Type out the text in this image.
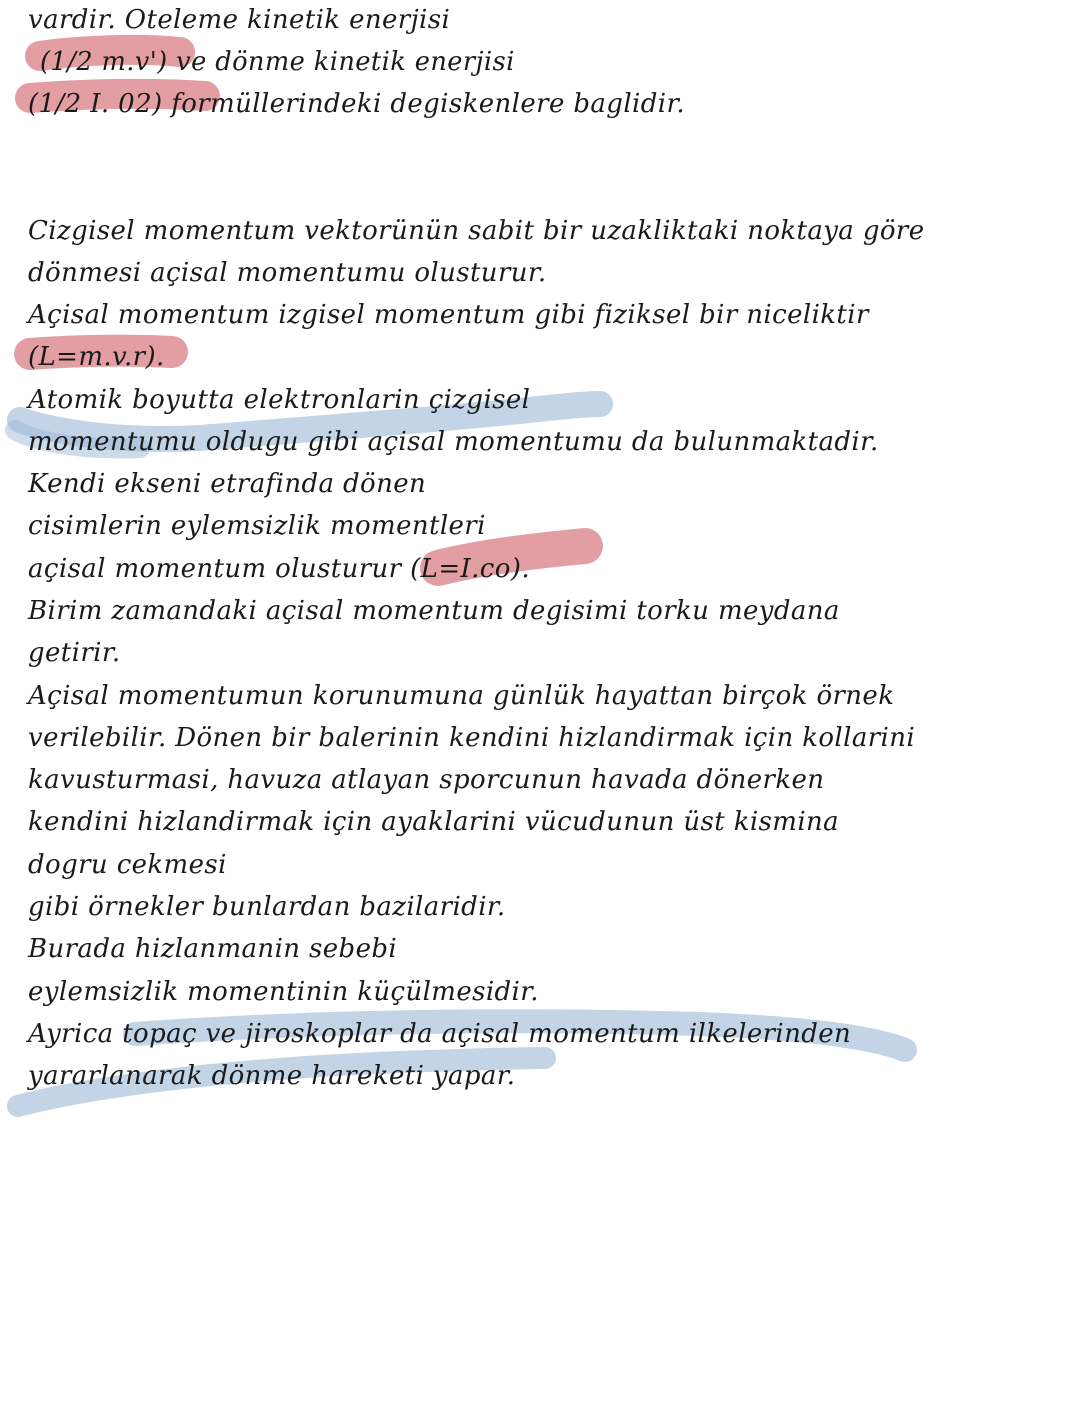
vardir. Oteleme kinetik enerjisi
(1/2 m.v') ve dönme kinetik enerjisi
(1/2 I. 02) formüllerindeki degiskenlere baglidir.
Cizgisel momentum vektorünün sabit bir uzakliktaki noktaya göre
dönmesi açisal momentumu olusturur.
Açisal momentum izgisel momentum gibi fiziksel bir niceliktir
(L=m.v.r).
Atomik boyutta elektronlarin çizgisel
momentumu oldugu gibi açisal momentumu da bulunmaktadir.
Kendi ekseni etrafinda dönen
cisimlerin eylemsizlik momentleri
açisal momentum olusturur (L=I.co).
Birim zamandaki açisal momentum degisimi torku meydana
getirir.
Açisal momentumun korunumuna günlük hayattan birçok örnek
verilebilir. Dönen bir balerinin kendini hizlandirmak için kollarini
kavusturmasi, havuza atlayan sporcunun havada dönerken
kendini hizlandirmak için ayaklarini vücudunun üst kismina
dogru cekmesi
gibi örnekler bunlardan bazilaridir.
Burada hizlanmanin sebebi
eylemsizlik momentinin küçülmesidir.
Ayrica topaç ve jiroskoplar da açisal momentum ilkelerinden
yararlanarak dönme hareketi yapar.
